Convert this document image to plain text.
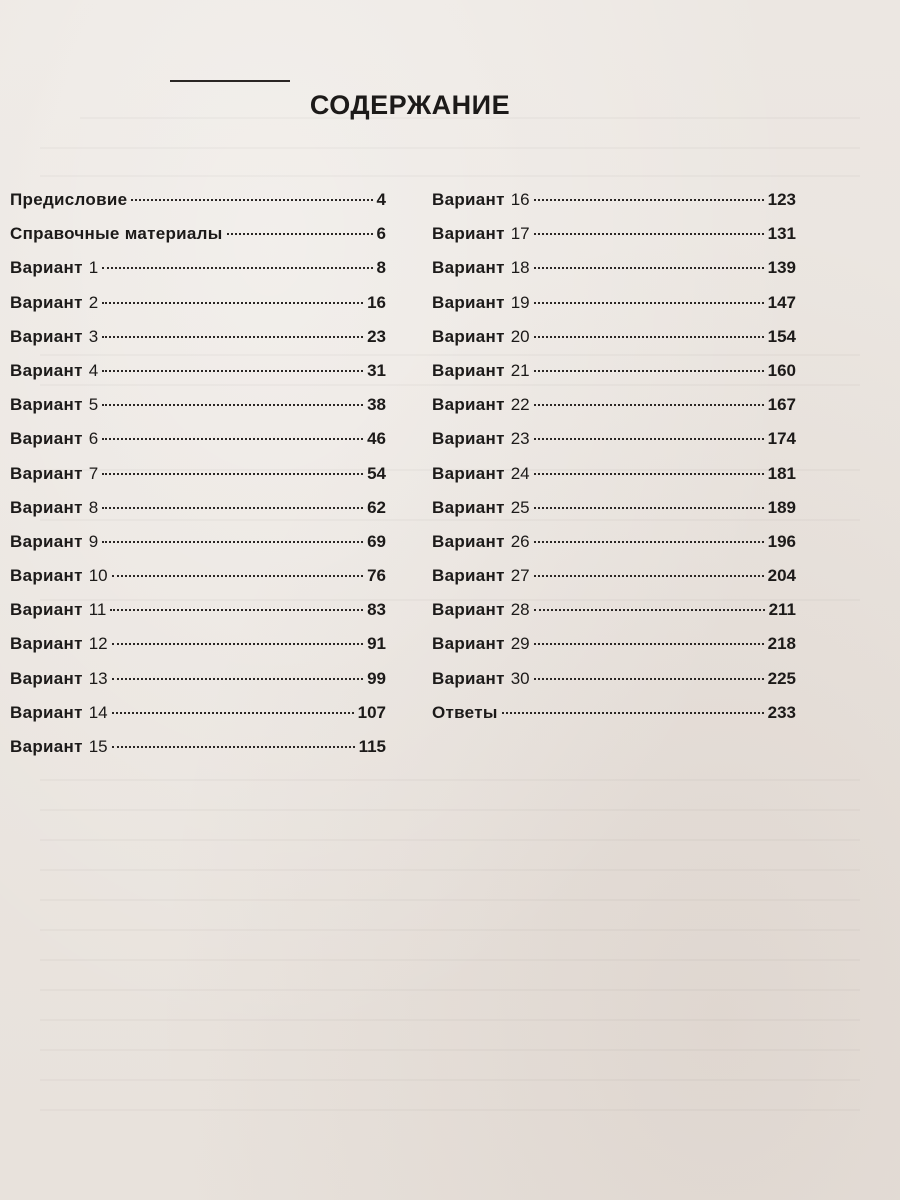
СОДЕРЖАНИЕ
Предисловие	4
Справочные материалы	6
Вариант 1	8
Вариант 2	16
Вариант 3	23
Вариант 4	31
Вариант 5	38
Вариант 6	46
Вариант 7	54
Вариант 8	62
Вариант 9	69
Вариант 10	76
Вариант 11	83
Вариант 12	91
Вариант 13	99
Вариант 14	107
Вариант 15	115
Вариант 16	123
Вариант 17	131
Вариант 18	139
Вариант 19	147
Вариант 20	154
Вариант 21	160
Вариант 22	167
Вариант 23	174
Вариант 24	181
Вариант 25	189
Вариант 26	196
Вариант 27	204
Вариант 28	211
Вариант 29	218
Вариант 30	225
Ответы	233
